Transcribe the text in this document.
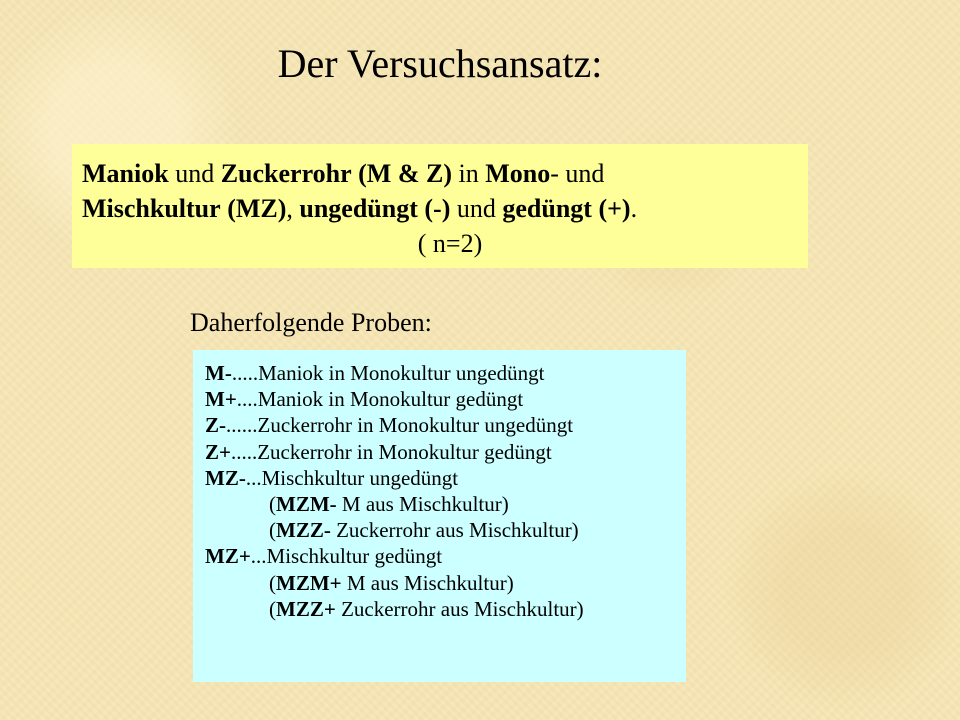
Der Versuchsansatz:
Maniok und Zuckerrohr (M & Z) in Mono- und
Mischkultur (MZ), ungedüngt (-) und gedüngt (+).
( n=2)
Daherfolgende Proben:
M-.....Maniok in Monokultur ungedüngt
M+....Maniok in Monokultur gedüngt
Z-......Zuckerrohr in Monokultur ungedüngt
Z+.....Zuckerrohr in Monokultur gedüngt
MZ-...Mischkultur ungedüngt
(MZM- M aus Mischkultur)
(MZZ- Zuckerrohr aus Mischkultur)
MZ+...Mischkultur gedüngt
(MZM+ M aus Mischkultur)
(MZZ+ Zuckerrohr aus Mischkultur)
